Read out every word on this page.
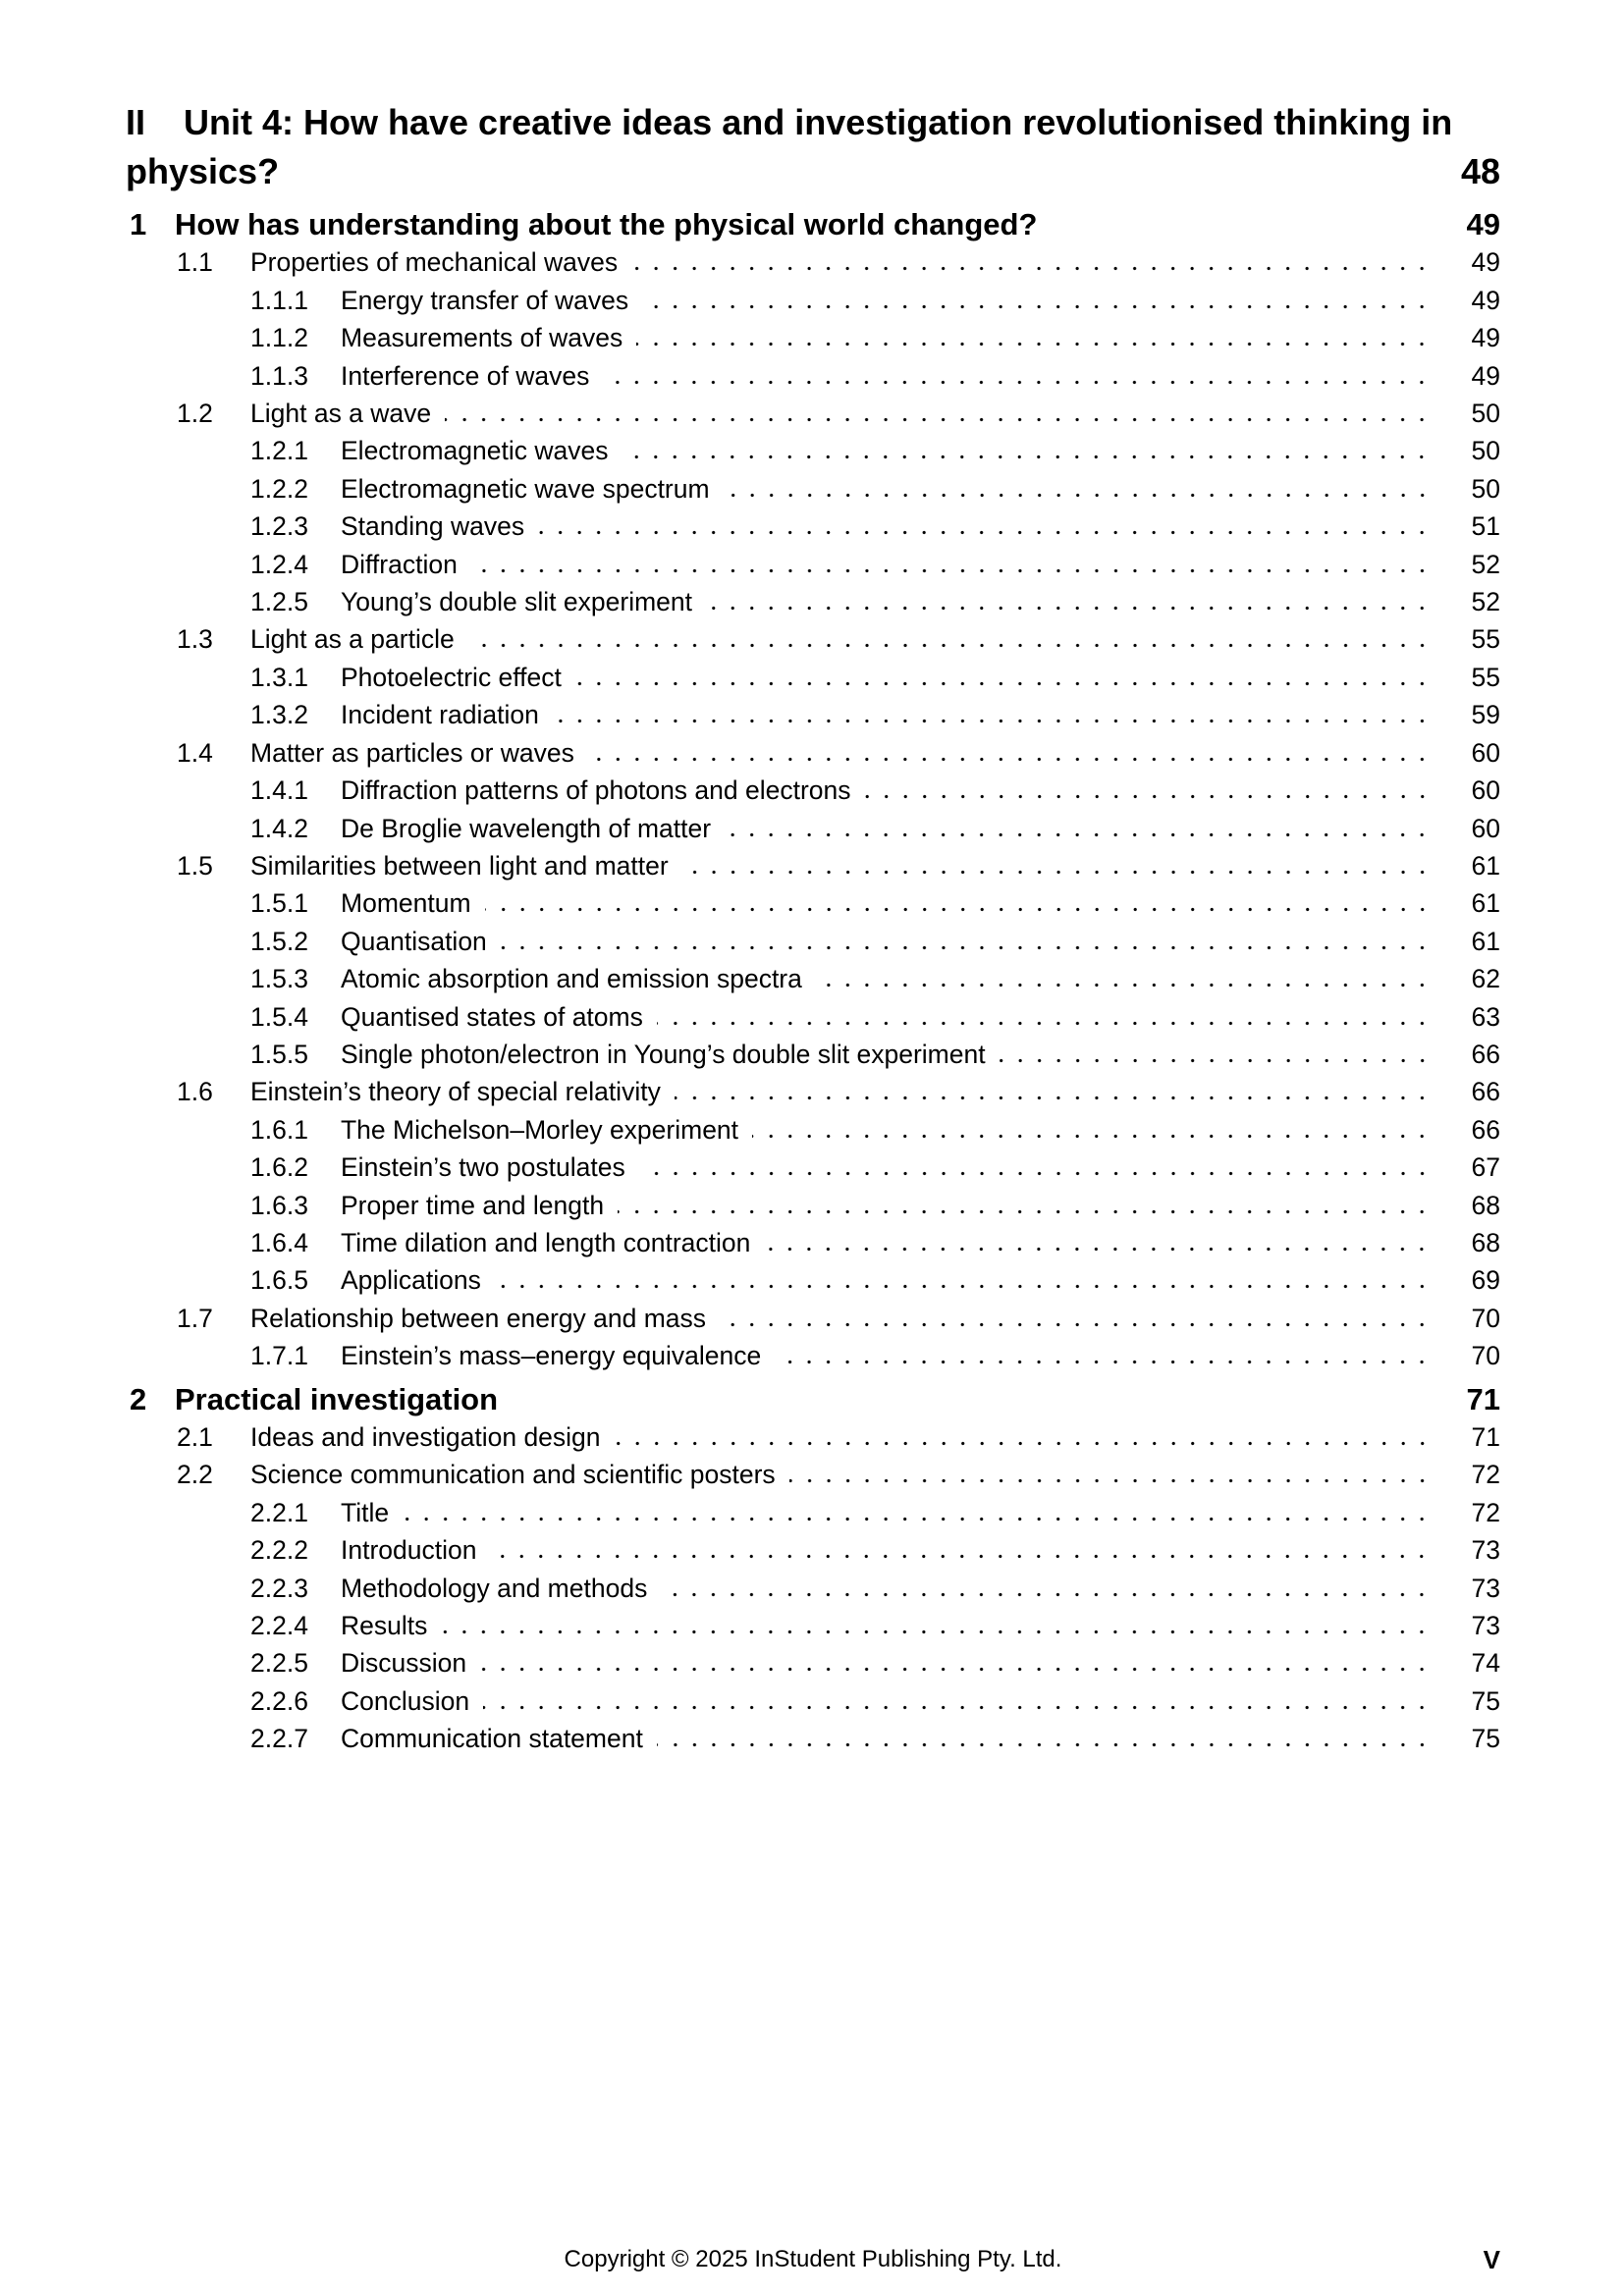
II Unit 4: How have creative ideas and investigation revolutionised thinking in physics?	48
1 How has understanding about the physical world changed?	49
1.1	Properties of mechanical waves	49
1.1.1	Energy transfer of waves	49
1.1.2	Measurements of waves	49
1.1.3	Interference of waves	49
1.2	Light as a wave	50
1.2.1	Electromagnetic waves	50
1.2.2	Electromagnetic wave spectrum	50
1.2.3	Standing waves	51
1.2.4	Diffraction	52
1.2.5	Young’s double slit experiment	52
1.3	Light as a particle	55
1.3.1	Photoelectric effect	55
1.3.2	Incident radiation	59
1.4	Matter as particles or waves	60
1.4.1	Diffraction patterns of photons and electrons	60
1.4.2	De Broglie wavelength of matter	60
1.5	Similarities between light and matter	61
1.5.1	Momentum	61
1.5.2	Quantisation	61
1.5.3	Atomic absorption and emission spectra	62
1.5.4	Quantised states of atoms	63
1.5.5	Single photon/electron in Young’s double slit experiment	66
1.6	Einstein’s theory of special relativity	66
1.6.1	The Michelson–Morley experiment	66
1.6.2	Einstein’s two postulates	67
1.6.3	Proper time and length	68
1.6.4	Time dilation and length contraction	68
1.6.5	Applications	69
1.7	Relationship between energy and mass	70
1.7.1	Einstein’s mass–energy equivalence	70
2 Practical investigation	71
2.1	Ideas and investigation design	71
2.2	Science communication and scientific posters	72
2.2.1	Title	72
2.2.2	Introduction	73
2.2.3	Methodology and methods	73
2.2.4	Results	73
2.2.5	Discussion	74
2.2.6	Conclusion	75
2.2.7	Communication statement	75
Copyright © 2025 InStudent Publishing Pty. Ltd.	V
